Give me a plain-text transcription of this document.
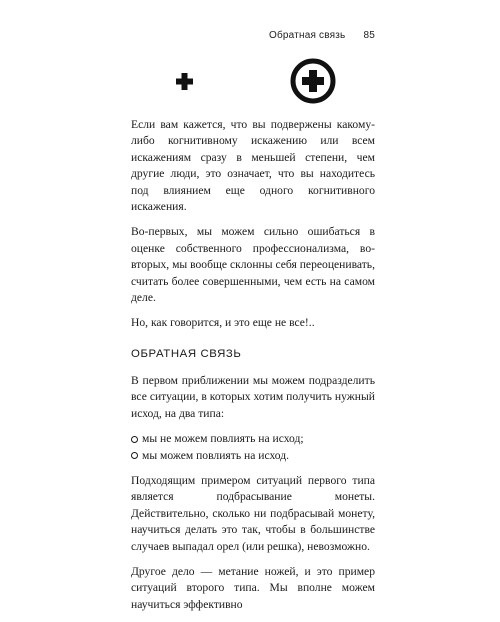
Обратная связь 85

Если вам кажется, что вы подвержены какому-либо когнитивному искажению или всем искажениям сразу в меньшей степени, чем другие люди, это означает, что вы находитесь под влиянием еще одного когнитивного искажения.

Во-первых, мы можем сильно ошибаться в оценке собственного профессионализма, во-вторых, мы вообще склонны себя переоценивать, считать более совершенными, чем есть на самом деле.

Но, как говорится, и это еще не все!..

ОБРАТНАЯ СВЯЗЬ

В первом приближении мы можем подразделить все ситуации, в которых хотим получить нужный исход, на два типа:

мы не можем повлиять на исход;
мы можем повлиять на исход.

Подходящим примером ситуаций первого типа является подбрасывание монеты. Действительно, сколько ни подбрасывай монету, научиться делать это так, чтобы в большинстве случаев выпадал орел (или решка), невозможно.

Другое дело — метание ножей, и это пример ситуаций второго типа. Мы вполне можем научиться эффективно
